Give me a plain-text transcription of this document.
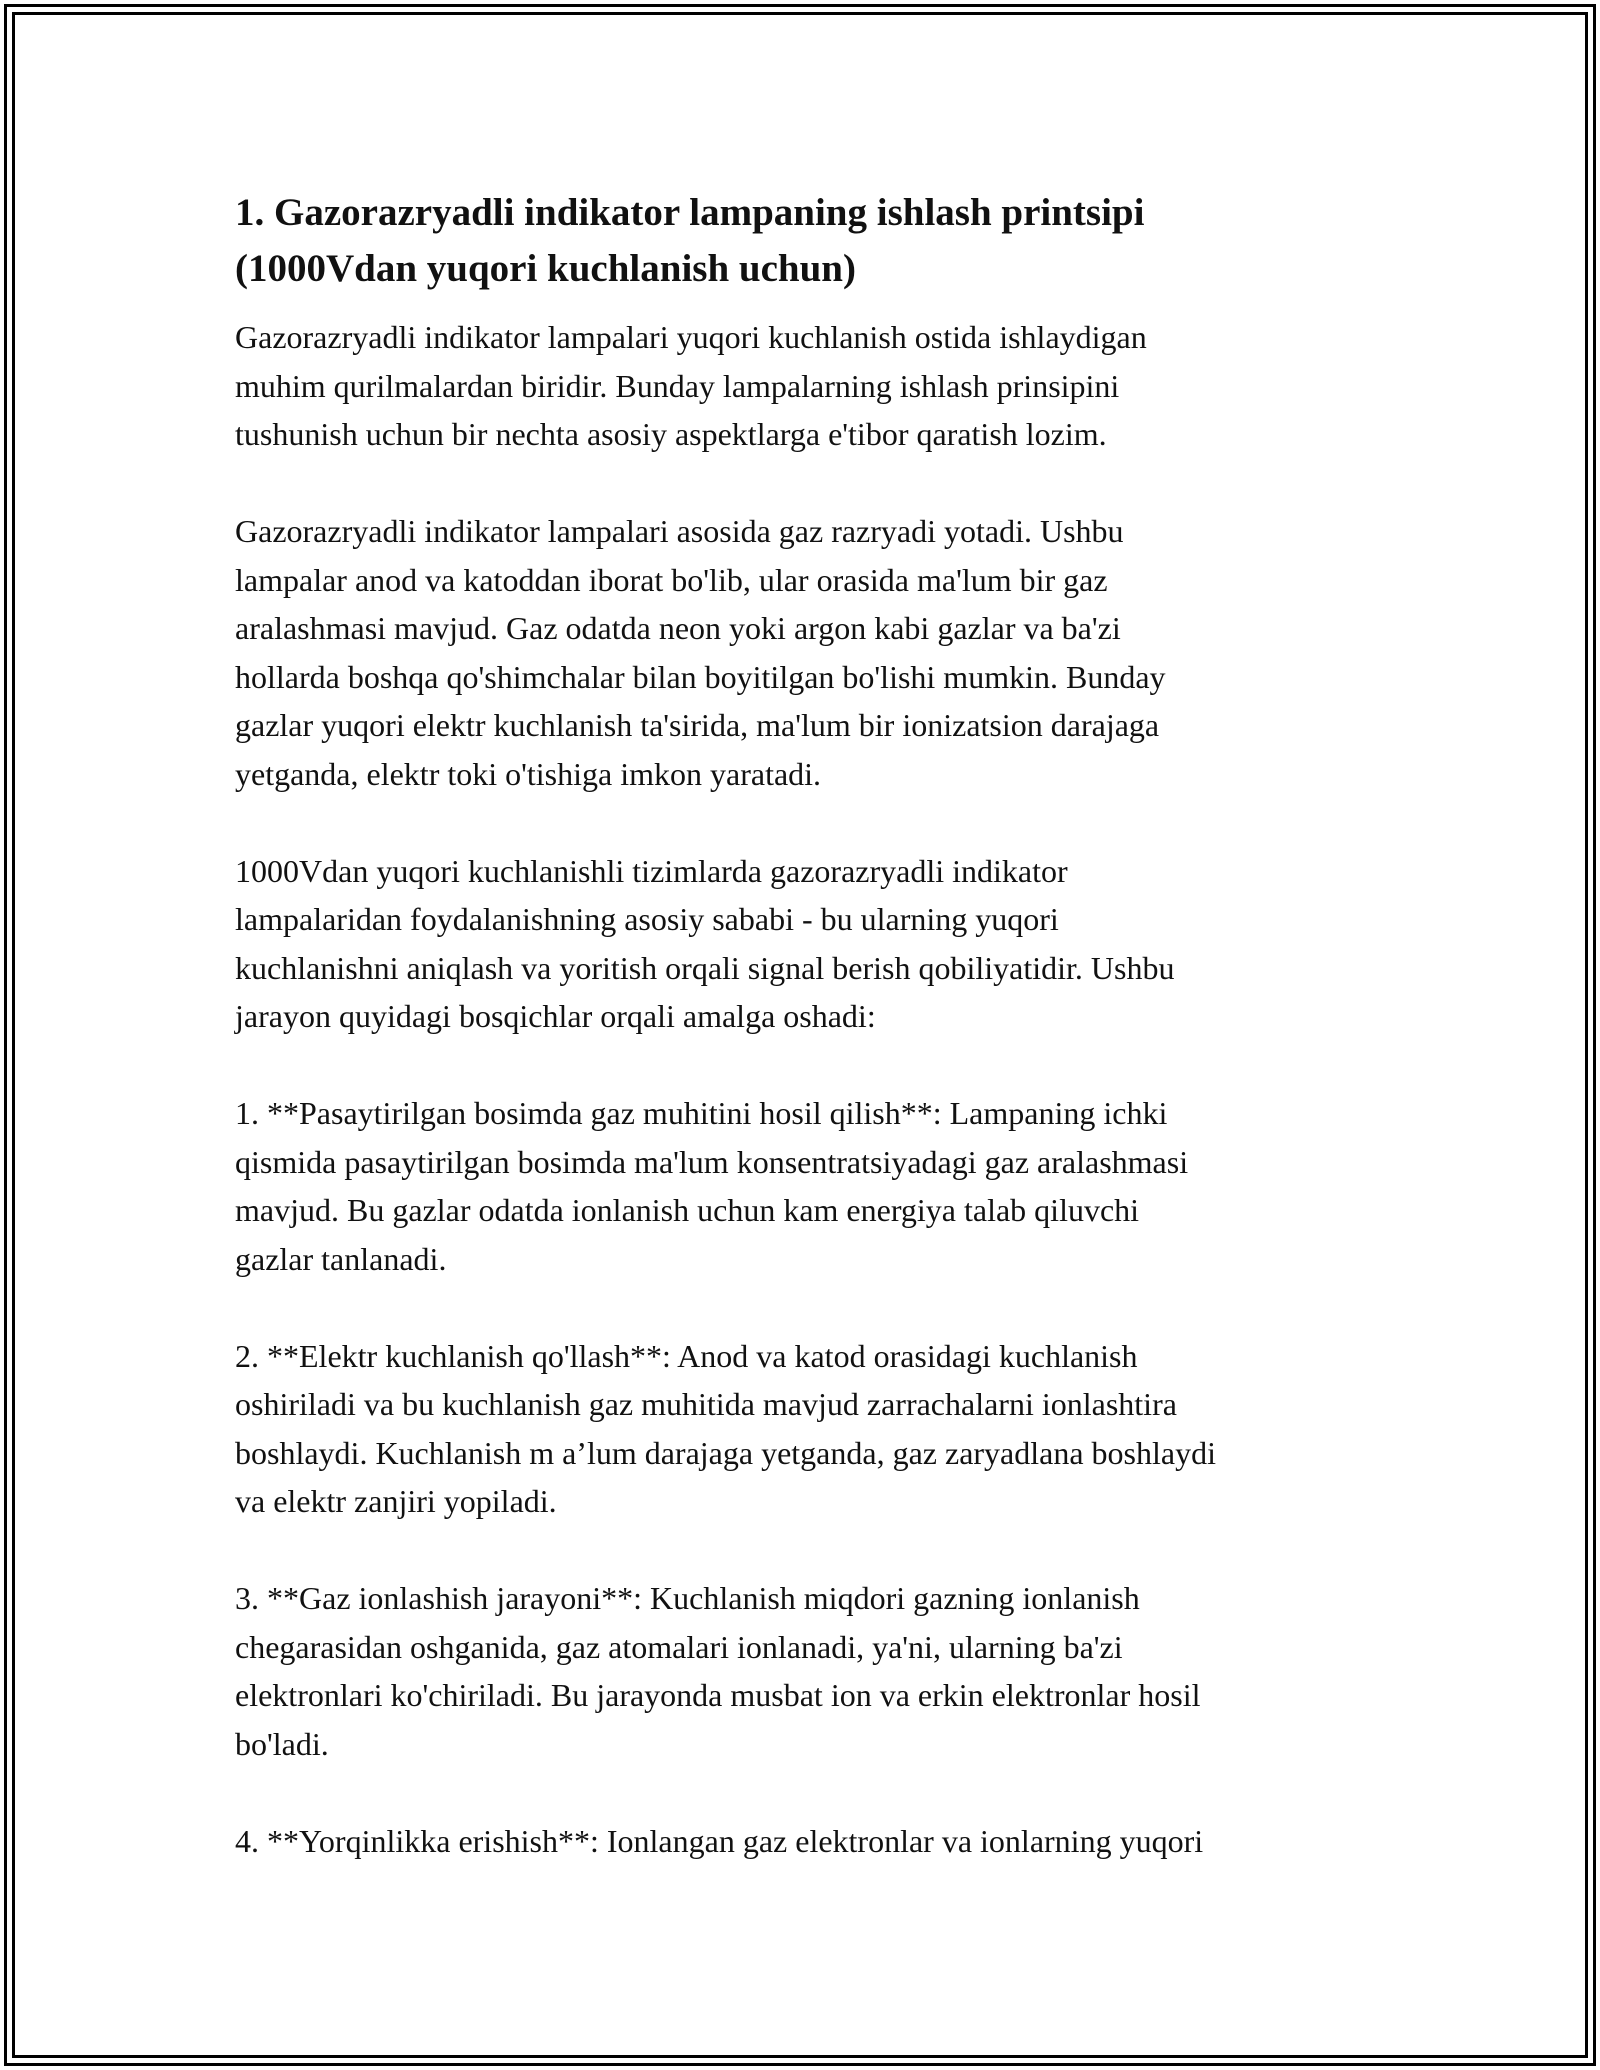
1. Gazorazryadli indikator lampaning ishlash printsipi
(1000Vdan yuqori kuchlanish uchun)

Gazorazryadli indikator lampalari yuqori kuchlanish ostida ishlaydigan
muhim qurilmalardan biridir. Bunday lampalarning ishlash prinsipini
tushunish uchun bir nechta asosiy aspektlarga e'tibor qaratish lozim.

Gazorazryadli indikator lampalari asosida gaz razryadi yotadi. Ushbu
lampalar anod va katoddan iborat bo'lib, ular orasida ma'lum bir gaz
aralashmasi mavjud. Gaz odatda neon yoki argon kabi gazlar va ba'zi
hollarda boshqa qo'shimchalar bilan boyitilgan bo'lishi mumkin. Bunday
gazlar yuqori elektr kuchlanish ta'sirida, ma'lum bir ionizatsion darajaga
yetganda, elektr toki o'tishiga imkon yaratadi.

1000Vdan yuqori kuchlanishli tizimlarda gazorazryadli indikator
lampalaridan foydalanishning asosiy sababi - bu ularning yuqori
kuchlanishni aniqlash va yoritish orqali signal berish qobiliyatidir. Ushbu
jarayon quyidagi bosqichlar orqali amalga oshadi:

1. **Pasaytirilgan bosimda gaz muhitini hosil qilish**: Lampaning ichki
qismida pasaytirilgan bosimda ma'lum konsentratsiyadagi gaz aralashmasi
mavjud. Bu gazlar odatda ionlanish uchun kam energiya talab qiluvchi
gazlar tanlanadi.

2. **Elektr kuchlanish qo'llash**: Anod va katod orasidagi kuchlanish
oshiriladi va bu kuchlanish gaz muhitida mavjud zarrachalarni ionlashtira
boshlaydi. Kuchlanish m a’lum darajaga yetganda, gaz zaryadlana boshlaydi
va elektr zanjiri yopiladi.

3. **Gaz ionlashish jarayoni**: Kuchlanish miqdori gazning ionlanish
chegarasidan oshganida, gaz atomalari ionlanadi, ya'ni, ularning ba'zi
elektronlari ko'chiriladi. Bu jarayonda musbat ion va erkin elektronlar hosil
bo'ladi.

4. **Yorqinlikka erishish**: Ionlangan gaz elektronlar va ionlarning yuqori
